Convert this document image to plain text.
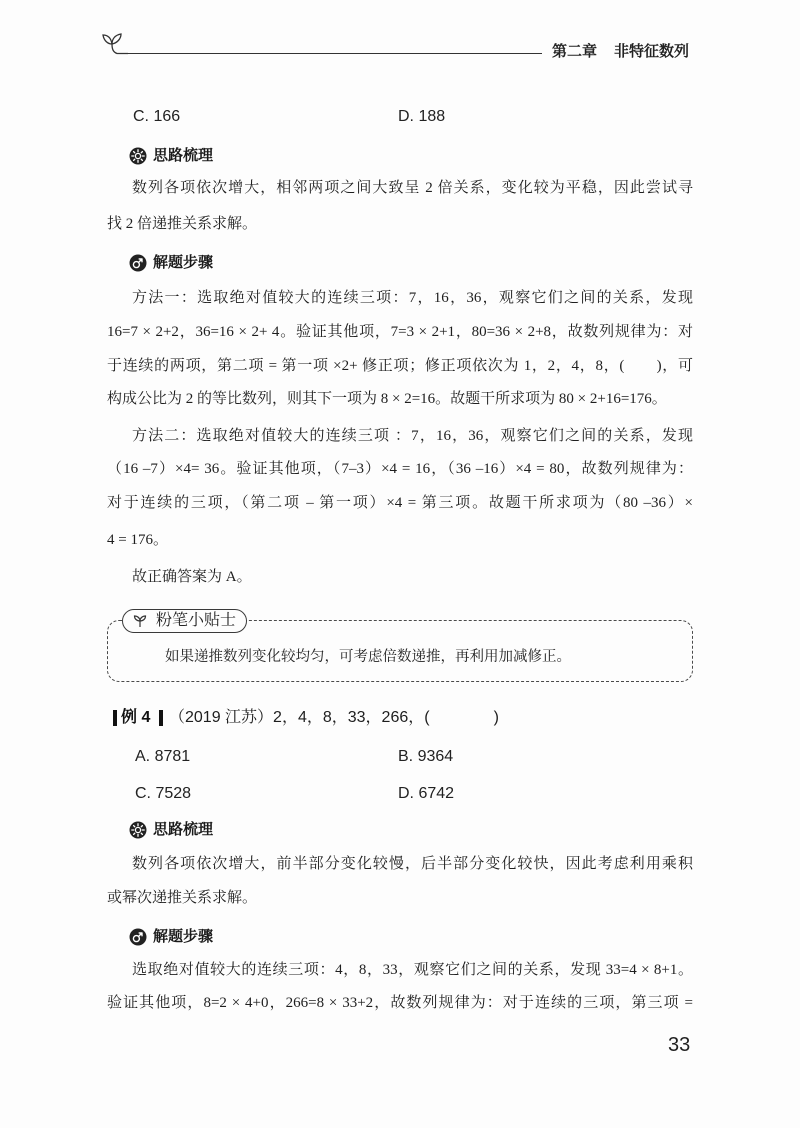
第二章 非特征数列
C. 166	D. 188
思路梳理
数列各项依次增大，相邻两项之间大致呈 2 倍关系，变化较为平稳，因此尝试寻
找 2 倍递推关系求解。
解题步骤
方法一：选取绝对值较大的连续三项：7，16，36，观察它们之间的关系，发现
16=7 × 2+2，36=16 × 2+ 4。验证其他项，7=3 × 2+1，80=36 × 2+8，故数列规律为：对
于连续的两项，第二项 = 第一项 ×2+ 修正项；修正项依次为 1，2，4，8，(　　)，可
构成公比为 2 的等比数列，则其下一项为 8 × 2=16。故题干所求项为 80 × 2+16=176。
方法二：选取绝对值较大的连续三项 ：7，16，36，观察它们之间的关系，发现
（16 –7）×4= 36。验证其他项，（7–3）×4 = 16，（36 –16）×4 = 80，故数列规律为：
对于连续的三项，（第二项 – 第一项）×4 = 第三项。故题干所求项为（80 –36）×
4 = 176。
故正确答案为 A。
粉笔小贴士
如果递推数列变化较均匀，可考虑倍数递推，再利用加减修正。
例 4 （2019 江苏）2，4，8，33，266，(　　　　)
A. 8781	B. 9364
C. 7528	D. 6742
思路梳理
数列各项依次增大，前半部分变化较慢，后半部分变化较快，因此考虑利用乘积
或幂次递推关系求解。
解题步骤
选取绝对值较大的连续三项：4，8，33，观察它们之间的关系，发现 33=4 × 8+1。
验证其他项，8=2 × 4+0，266=8 × 33+2，故数列规律为：对于连续的三项，第三项 =
33
